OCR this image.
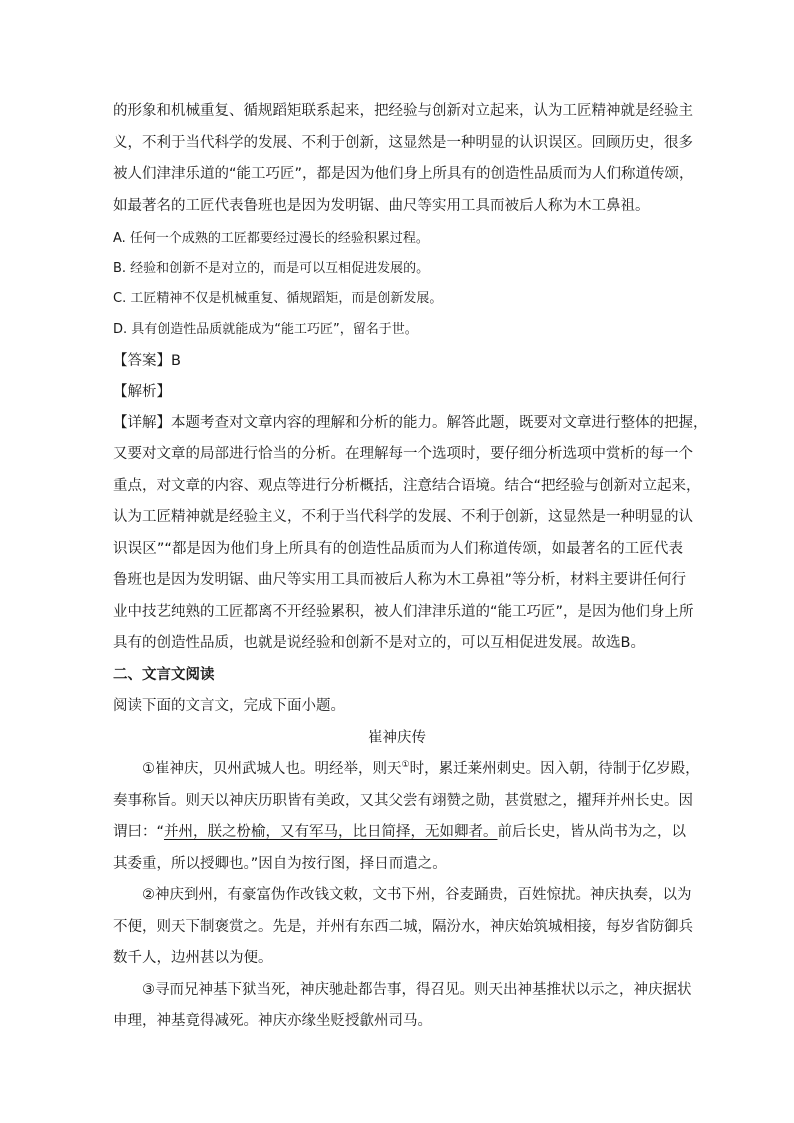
的形象和机械重复、循规蹈矩联系起来，把经验与创新对立起来，认为工匠精神就是经验主
义，不利于当代科学的发展、不利于创新，这显然是一种明显的认识误区。回顾历史，很多
被人们津津乐道的“能工巧匠”，都是因为他们身上所具有的创造性品质而为人们称道传颂，
如最著名的工匠代表鲁班也是因为发明锯、曲尺等实用工具而被后人称为木工鼻祖。
A. 任何一个成熟的工匠都要经过漫长的经验积累过程。
B. 经验和创新不是对立的，而是可以互相促进发展的。
C. 工匠精神不仅是机械重复、循规蹈矩，而是创新发展。
D. 具有创造性品质就能成为“能工巧匠”，留名于世。
【答案】B
【解析】
【详解】本题考查对文章内容的理解和分析的能力。解答此题，既要对文章进行整体的把握，
又要对文章的局部进行恰当的分析。在理解每一个选项时，要仔细分析选项中赏析的每一个
重点，对文章的内容、观点等进行分析概括，注意结合语境。结合“把经验与创新对立起来，
认为工匠精神就是经验主义，不利于当代科学的发展、不利于创新，这显然是一种明显的认
识误区”“都是因为他们身上所具有的创造性品质而为人们称道传颂，如最著名的工匠代表
鲁班也是因为发明锯、曲尺等实用工具而被后人称为木工鼻祖”等分析，材料主要讲任何行
业中技艺纯熟的工匠都离不开经验累积，被人们津津乐道的“能工巧匠”，是因为他们身上所
具有的创造性品质，也就是说经验和创新不是对立的，可以互相促进发展。故选B。
二、文言文阅读
阅读下面的文言文，完成下面小题。
崔神庆传
①崔神庆，贝州武城人也。明经举，则天①时，累迁莱州刺史。因入朝，待制于亿岁殿，
奏事称旨。则天以神庆历职皆有美政，又其父尝有翊赞之勋，甚赏慰之，擢拜并州长史。因
谓曰：“并州，朕之枌榆，又有军马，比日简择，无如卿者。前后长史，皆从尚书为之，以
其委重，所以授卿也。”因自为按行图，择日而遣之。
②神庆到州，有豪富伪作改钱文敕，文书下州，谷麦踊贵，百姓惊扰。神庆执奏，以为
不便，则天下制褒赏之。先是，并州有东西二城，隔汾水，神庆始筑城相接，每岁省防御兵
数千人，边州甚以为便。
③寻而兄神基下狱当死，神庆驰赴都告事，得召见。则天出神基推状以示之，神庆据状
申理，神基竟得减死。神庆亦缘坐贬授歙州司马。
